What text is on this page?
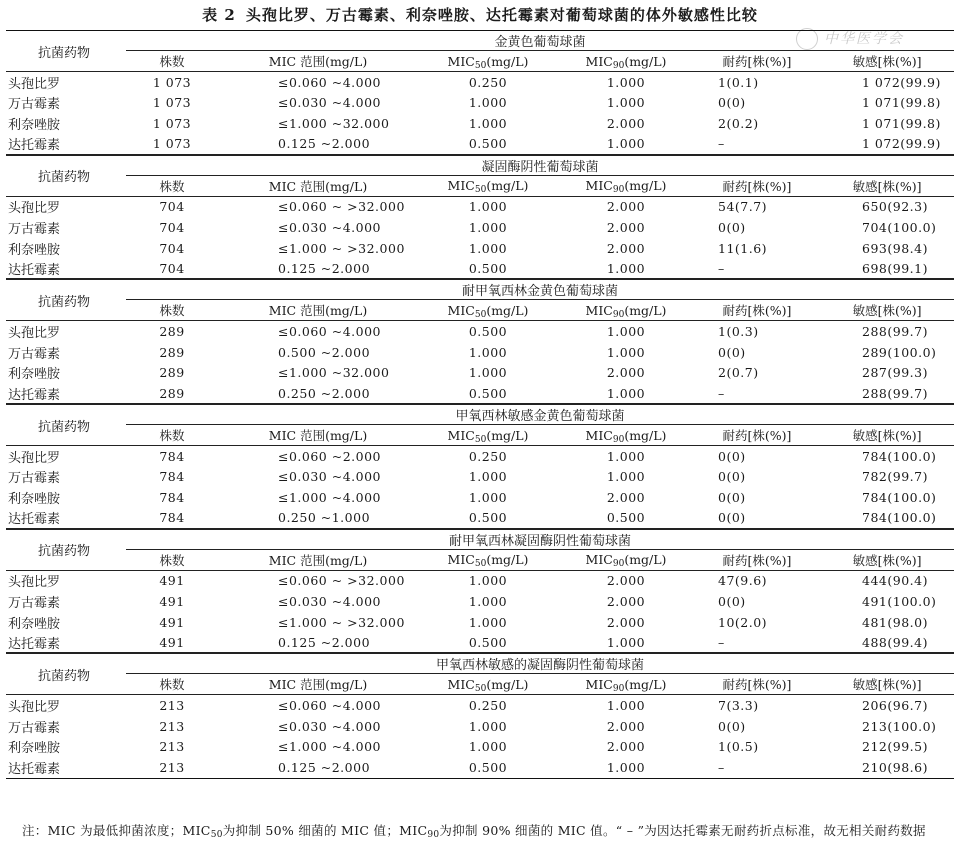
表 2 头孢比罗、万古霉素、利奈唑胺、达托霉素对葡萄球菌的体外敏感性比较
中华医学会
抗菌药物	金黄色葡萄球菌					
	株数	MIC 范围(mg/L)	$MIC_{50}(mg/L)$	$MIC_{90}(mg/L)$	耐药[株(%)]	敏感[株(%)]
头孢比罗	1 073	≤0.060 ~4.000	0.250	1.000	1(0.1)	1 072(99.9)
万古霉素	1 073	≤0.030 ~4.000	1.000	1.000	0(0)	1 071(99.8)
利奈唑胺	1 073	≤1.000 ~32.000	1.000	2.000	2(0.2)	1 071(99.8)
达托霉素	1 073	0.125 ~2.000	0.500	1.000	–	1 072(99.9)
抗菌药物	凝固酶阴性葡萄球菌					
	株数	MIC 范围(mg/L)	$MIC_{50}(mg/L)$	$MIC_{90}(mg/L)$	耐药[株(%)]	敏感[株(%)]
头孢比罗	704	≤0.060 ~ >32.000	1.000	2.000	54(7.7)	650(92.3)
万古霉素	704	≤0.030 ~4.000	1.000	2.000	0(0)	704(100.0)
利奈唑胺	704	≤1.000 ~ >32.000	1.000	2.000	11(1.6)	693(98.4)
达托霉素	704	0.125 ~2.000	0.500	1.000	–	698(99.1)
抗菌药物	耐甲氧西林金黄色葡萄球菌					
	株数	MIC 范围(mg/L)	$MIC_{50}(mg/L)$	$MIC_{90}(mg/L)$	耐药[株(%)]	敏感[株(%)]
头孢比罗	289	≤0.060 ~4.000	0.500	1.000	1(0.3)	288(99.7)
万古霉素	289	0.500 ~2.000	1.000	1.000	0(0)	289(100.0)
利奈唑胺	289	≤1.000 ~32.000	1.000	2.000	2(0.7)	287(99.3)
达托霉素	289	0.250 ~2.000	0.500	1.000	–	288(99.7)
抗菌药物	甲氧西林敏感金黄色葡萄球菌					
	株数	MIC 范围(mg/L)	$MIC_{50}(mg/L)$	$MIC_{90}(mg/L)$	耐药[株(%)]	敏感[株(%)]
头孢比罗	784	≤0.060 ~2.000	0.250	1.000	0(0)	784(100.0)
万古霉素	784	≤0.030 ~4.000	1.000	1.000	0(0)	782(99.7)
利奈唑胺	784	≤1.000 ~4.000	1.000	2.000	0(0)	784(100.0)
达托霉素	784	0.250 ~1.000	0.500	0.500	0(0)	784(100.0)
抗菌药物	耐甲氧西林凝固酶阴性葡萄球菌					
	株数	MIC 范围(mg/L)	$MIC_{50}(mg/L)$	$MIC_{90}(mg/L)$	耐药[株(%)]	敏感[株(%)]
头孢比罗	491	≤0.060 ~ >32.000	1.000	2.000	47(9.6)	444(90.4)
万古霉素	491	≤0.030 ~4.000	1.000	2.000	0(0)	491(100.0)
利奈唑胺	491	≤1.000 ~ >32.000	1.000	2.000	10(2.0)	481(98.0)
达托霉素	491	0.125 ~2.000	0.500	1.000	–	488(99.4)
抗菌药物	甲氧西林敏感的凝固酶阴性葡萄球菌					
	株数	MIC 范围(mg/L)	$MIC_{50}(mg/L)$	$MIC_{90}(mg/L)$	耐药[株(%)]	敏感[株(%)]
头孢比罗	213	≤0.060 ~4.000	0.250	1.000	7(3.3)	206(96.7)
万古霉素	213	≤0.030 ~4.000	1.000	2.000	0(0)	213(100.0)
利奈唑胺	213	≤1.000 ~4.000	1.000	2.000	1(0.5)	212(99.5)
达托霉素	213	0.125 ~2.000	0.500	1.000	–	210(98.6)
注：MIC 为最低抑菌浓度；$MIC_{50}$为抑制 50% 细菌的 MIC 值；$MIC_{90}$为抑制 90% 细菌的 MIC 值。“ – ”为因达托霉素无耐药折点标准，故无相关耐药数据
